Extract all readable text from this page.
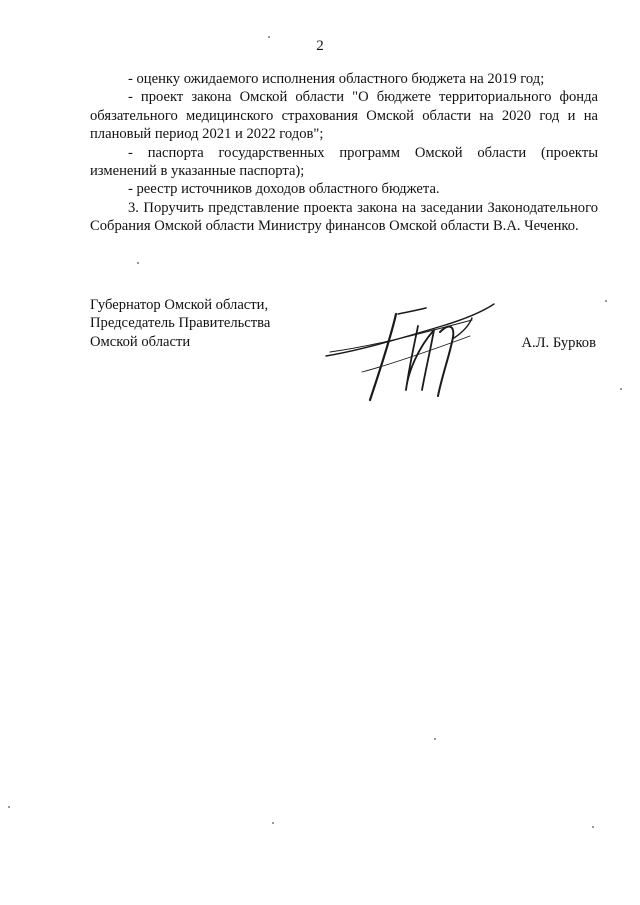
2

- оценку ожидаемого исполнения областного бюджета на 2019 год;

- проект закона Омской области "О бюджете территориального фонда обязательного медицинского страхования Омской области на 2020 год и на плановый период 2021 и 2022 годов";

- паспорта государственных программ Омской области (проекты изменений в указанные паспорта);

- реестр источников доходов областного бюджета.

3. Поручить представление проекта закона на заседании Законодательного Собрания Омской области Министру финансов Омской области В.А. Чеченко.

Губернатор Омской области,
Председатель Правительства
Омской области	А.Л. Бурков
